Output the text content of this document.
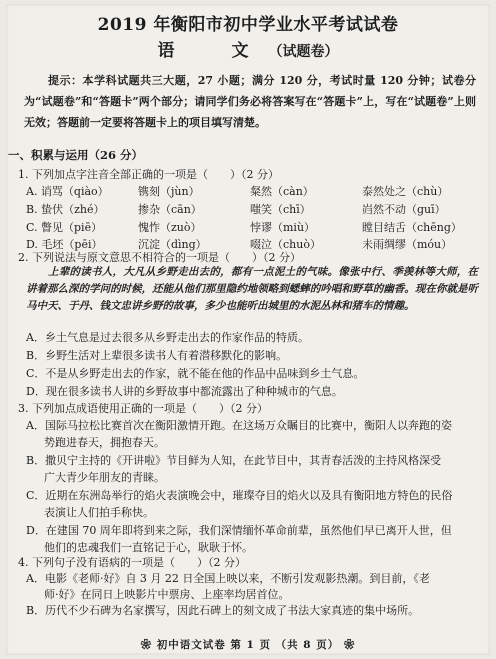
2019 年衡阳市初中学业水平考试试卷
语　文（试题卷）
提示：本学科试题共三大题，27 小题；满分 120 分，考试时量 120 分钟；试卷分为“试题卷”和“答题卡”两个部分；请同学们务必将答案写在“答题卡”上，写在“试题卷”上则无效；答题前一定要将答题卡上的项目填写清楚。
一、积累与运用（26 分）
1. 下列加点字注音全部正确的一项是（　　）（2 分）
A. 诮骂（qiào）	镌刻（jùn）	粲然（càn）	泰然处之（chù）
B. 蛰伏（zhé）	掺杂（cān）	嗤笑（chī）	岿然不动（guī）
C. 瞥见（piē）	愧怍（zuò）	悖谬（miù）	瞠目结舌（chēng）
D. 毛坯（pēi）	沉淀（dìng）	啜泣（chuò）	未雨绸缪（móu）
2. 下列说法与原文意思不相符合的一项是（　　）（2 分）
上辈的读书人，大凡从乡野走出去的，都有一点泥土的气味。像张中行、季羡林等大师，在讲着那么深的学问的时候，还能从他们那里隐约地领略到蟋蟀的吟唱和野草的幽香。现在你就是听马中天、于丹、钱文忠讲乡野的故事，多少也能听出城里的水泥丛林和猪车的情趣。
A．乡土气息是过去很多从乡野走出去的作家作品的特质。
B．乡野生活对上辈很多读书人有着潜移默化的影响。
C．不是从乡野走出去的作家，就不能在他的作品中品味到乡土气息。
D．现在很多读书人讲的乡野故事中都流露出了种种城市的气息。
3. 下列加点成语使用正确的一项是（　　）（2 分）
A．国际马拉松比赛首次在衡阳激情开跑。在这场万众瞩目的比赛中，衡阳人以奔跑的姿
势跑进春天，拥抱春天。
B．撒贝宁主持的《开讲啦》节目鲜为人知，在此节目中，其青春活泼的主持风格深受
广大青少年朋友的青睐。
C．近期在东洲岛举行的焰火表演晚会中，璀璨夺目的焰火以及具有衡阳地方特色的民俗
表演让人们拍手称快。
D．在建国 70 周年即将到来之际，我们深情缅怀革命前辈，虽然他们早已离开人世，但
他们的忠魂我们一直铭记于心，耿耿于怀。
4. 下列句子没有语病的一项是（　　）（2 分）
A．电影《老师·好》自 3 月 22 日全国上映以来，不断引发观影热潮。到目前，《老
师·好》在同日上映影片中票房、上座率均居首位。
B．历代不少石碑为名家撰写，因此石碑上的刻文成了书法大家真迹的集中场所。
❀ 初中语文试卷 第 1 页 （共 8 页） ❀
